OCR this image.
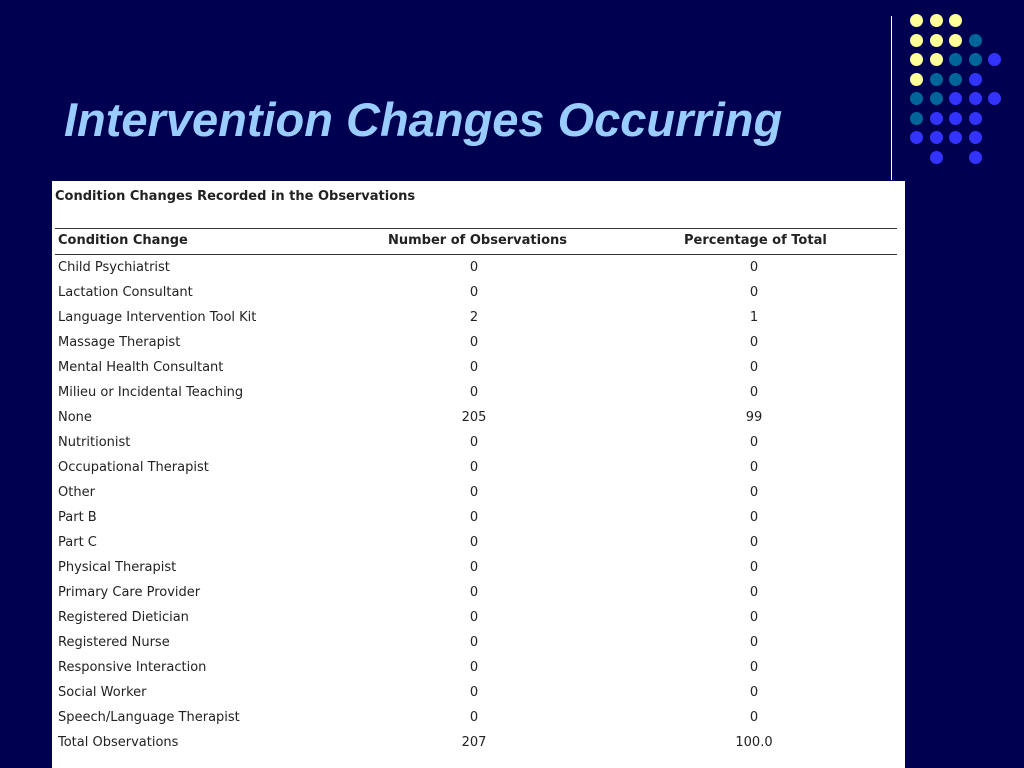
Intervention Changes Occurring
Condition Changes Recorded in the Observations
Condition Change	Number of Observations	Percentage of Total
Child Psychiatrist	0	0
Lactation Consultant	0	0
Language Intervention Tool Kit	2	1
Massage Therapist	0	0
Mental Health Consultant	0	0
Milieu or Incidental Teaching	0	0
None	205	99
Nutritionist	0	0
Occupational Therapist	0	0
Other	0	0
Part B	0	0
Part C	0	0
Physical Therapist	0	0
Primary Care Provider	0	0
Registered Dietician	0	0
Registered Nurse	0	0
Responsive Interaction	0	0
Social Worker	0	0
Speech/Language Therapist	0	0
Total Observations	207	100.0
